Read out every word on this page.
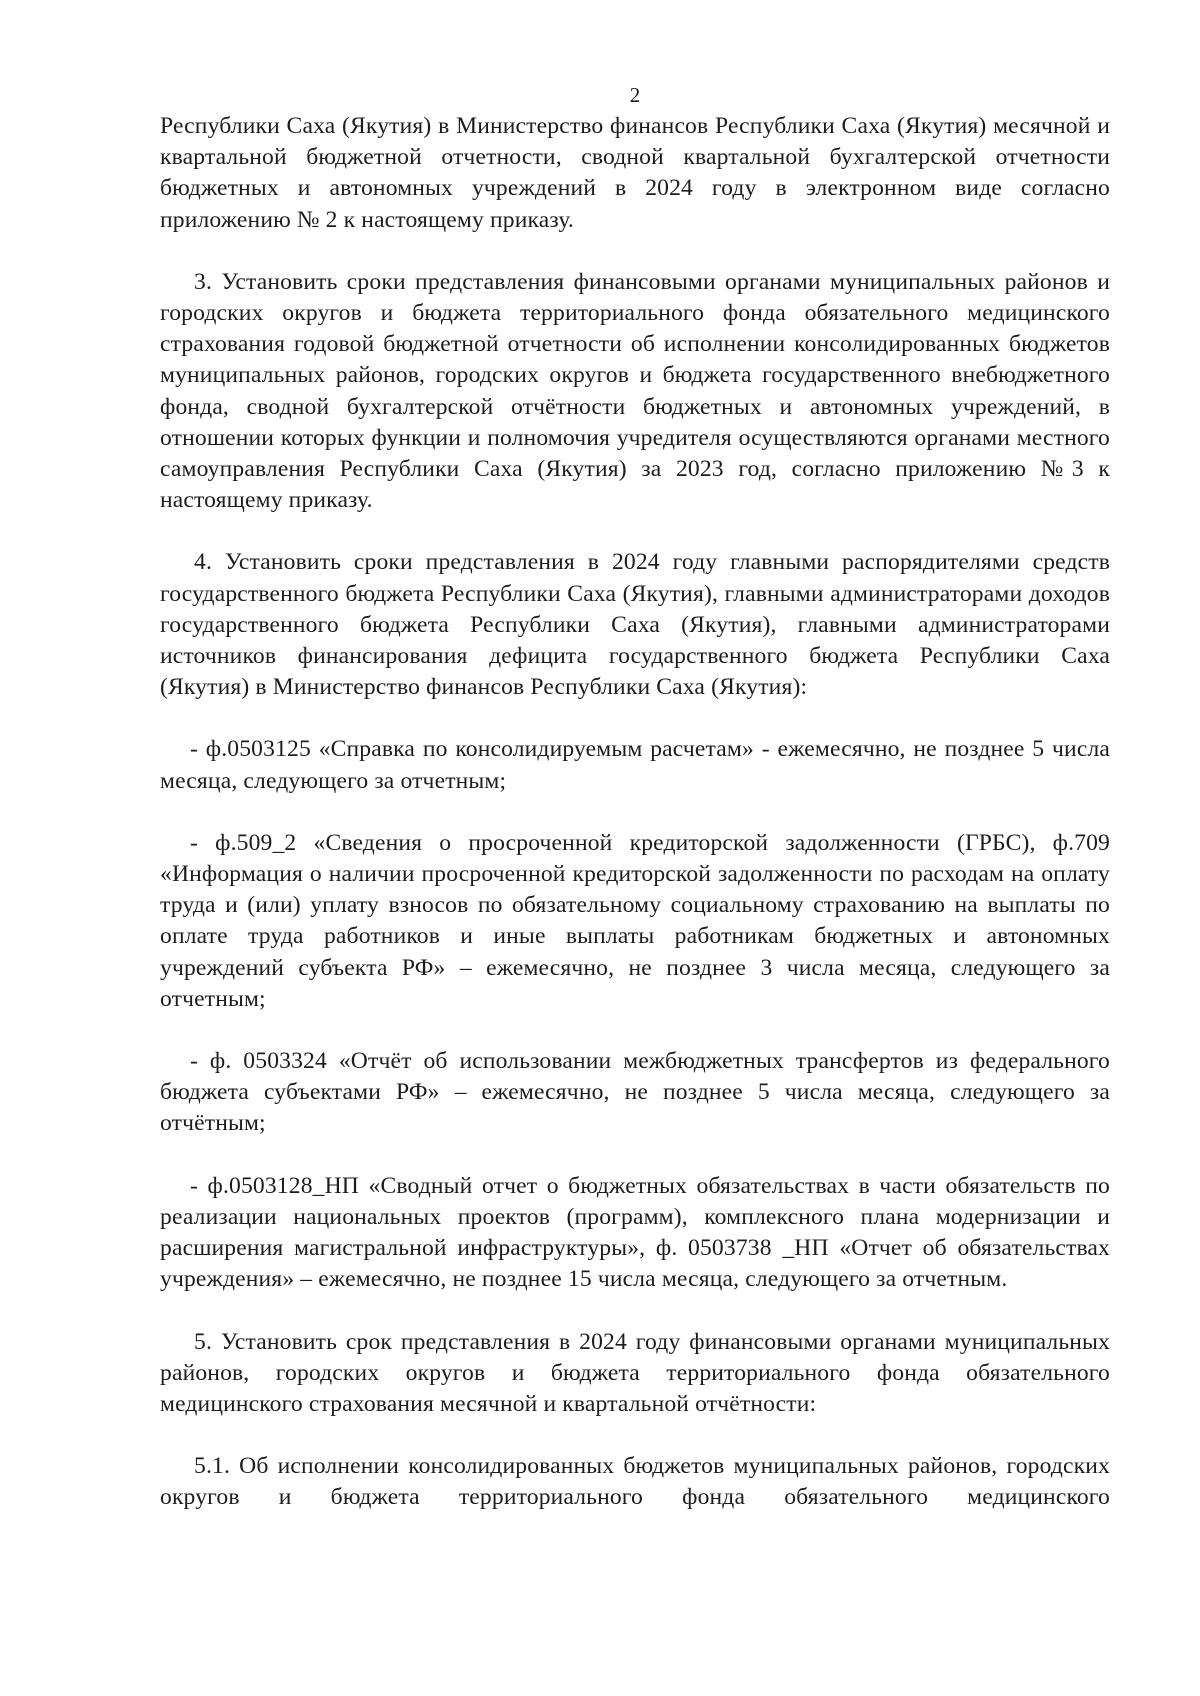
2

Республики Саха (Якутия) в Министерство финансов Республики Саха (Якутия) месячной и квартальной бюджетной отчетности, сводной квартальной бухгалтерской отчетности бюджетных и автономных учреждений в 2024 году в электронном виде согласно приложению № 2 к настоящему приказу.

3. Установить сроки представления финансовыми органами муниципальных районов и городских округов и бюджета территориального фонда обязательного медицинского страхования годовой бюджетной отчетности об исполнении консолидированных бюджетов муниципальных районов, городских округов и бюджета государственного внебюджетного фонда, сводной бухгалтерской отчётности бюджетных и автономных учреждений, в отношении которых функции и полномочия учредителя осуществляются органами местного самоуправления Республики Саха (Якутия) за 2023 год, согласно приложению №3 к настоящему приказу.

4. Установить сроки представления в 2024 году главными распорядителями средств государственного бюджета Республики Саха (Якутия), главными администраторами доходов государственного бюджета Республики Саха (Якутия), главными администраторами источников финансирования дефицита государственного бюджета Республики Саха (Якутия) в Министерство финансов Республики Саха (Якутия):

- ф.0503125 «Справка по консолидируемым расчетам» - ежемесячно, не позднее 5 числа месяца, следующего за отчетным;

- ф.509_2 «Сведения о просроченной кредиторской задолженности (ГРБС), ф.709 «Информация о наличии просроченной кредиторской задолженности по расходам на оплату труда и (или) уплату взносов по обязательному социальному страхованию на выплаты по оплате труда работников и иные выплаты работникам бюджетных и автономных учреждений субъекта РФ» – ежемесячно, не позднее 3 числа месяца, следующего за отчетным;

- ф. 0503324 «Отчёт об использовании межбюджетных трансфертов из федерального бюджета субъектами РФ» – ежемесячно, не позднее 5 числа месяца, следующего за отчётным;

- ф.0503128_НП «Сводный отчет о бюджетных обязательствах в части обязательств по реализации национальных проектов (программ), комплексного плана модернизации и расширения магистральной инфраструктуры», ф. 0503738 _НП «Отчет об обязательствах учреждения» – ежемесячно, не позднее 15 числа месяца, следующего за отчетным.

5. Установить срок представления в 2024 году финансовыми органами муниципальных районов, городских округов и бюджета территориального фонда обязательного медицинского страхования месячной и квартальной отчётности:

5.1. Об исполнении консолидированных бюджетов муниципальных районов, городских округов и бюджета территориального фонда обязательного медицинского
